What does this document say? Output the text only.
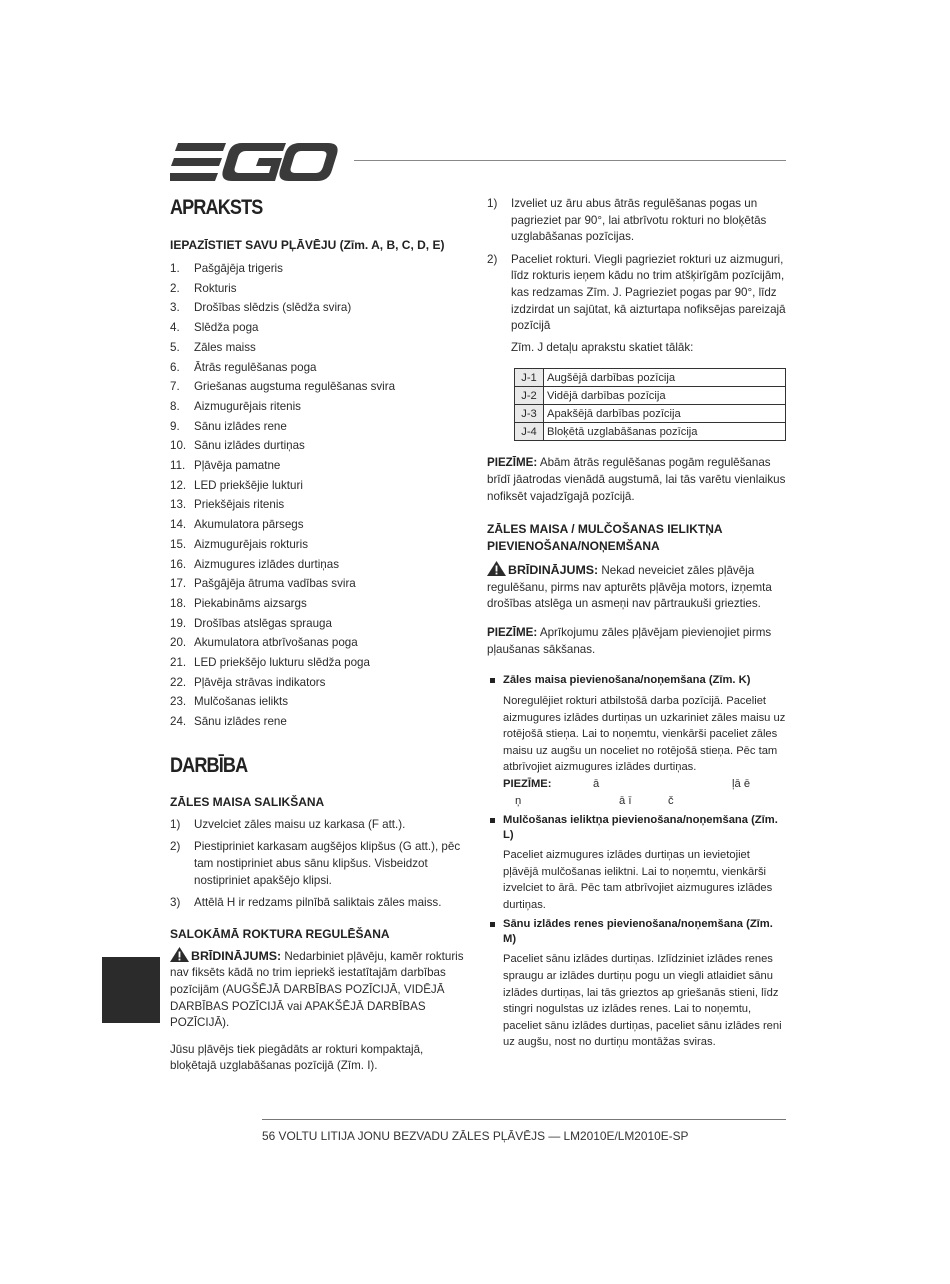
APRAKSTS
IEPAZĪSTIET SAVU PĻĀVĒJU (Zīm. A, B, C, D, E)
1. Pašgājēja trigeris
2. Rokturis
3. Drošības slēdzis (slēdža svira)
4. Slēdža poga
5. Zāles maiss
6. Ātrās regulēšanas poga
7. Griešanas augstuma regulēšanas svira
8. Aizmugurējais ritenis
9. Sānu izlādes rene
10. Sānu izlādes durtiņas
11. Pļāvēja pamatne
12. LED priekšējie lukturi
13. Priekšējais ritenis
14. Akumulatora pārsegs
15. Aizmugurējais rokturis
16. Aizmugures izlādes durtiņas
17. Pašgājēja ātruma vadības svira
18. Piekabināms aizsargs
19. Drošības atslēgas sprauga
20. Akumulatora atbrīvošanas poga
21. LED priekšējo lukturu slēdža poga
22. Pļāvēja strāvas indikators
23. Mulčošanas ielikts
24. Sānu izlādes rene
DARBĪBA
ZĀLES MAISA SALIKŠANA

1) Uzvelciet zāles maisu uz karkasa (F att.).

2) Piestipriniet karkasam augšējos klipšus (G att.), pēc tam nostipriniet abus sānu klipšus. Visbeidzot nostipriniet apakšējo klipsi.

3) Attēlā H ir redzams pilnībā saliktais zāles maiss.

SALOKĀMĀ ROKTURA REGULĒŠANA

BRĪDINĀJUMS: Nedarbiniet pļāvēju, kamēr rokturis nav fiksēts kādā no trim iepriekš iestatītajām darbības pozīcijām (AUGŠĒJĀ DARBĪBAS POZĪCIJĀ, VIDĒJĀ DARBĪBAS POZĪCIJĀ vai APAKŠĒJĀ DARBĪBAS POZĪCIJĀ).

Jūsu pļāvējs tiek piegādāts ar rokturi kompaktajā, bloķētajā uzglabāšanas pozīcijā (Zīm. I).

1) Izveliet uz āru abus ātrās regulēšanas pogas un pagrieziet par 90°, lai atbrīvotu rokturi no bloķētās uzglabāšanas pozīcijas.

2) Paceliet rokturi. Viegli pagrieziet rokturi uz aizmuguri, līdz rokturis ieņem kādu no trim atšķirīgām pozīcijām, kas redzamas Zīm. J. Pagrieziet pogas par 90°, līdz izdzirdat un sajūtat, kā aizturtapa nofiksējas pareizajā pozīcijā

Zīm. J detaļu aprakstu skatiet tālāk:

J-1	Augšējā darbības pozīcija
J-2	Vidējā darbības pozīcija
J-3	Apakšējā darbības pozīcija
J-4	Bloķētā uzglabāšanas pozīcija

PIEZĪME: Abām ātrās regulēšanas pogām regulēšanas brīdī jāatrodas vienādā augstumā, lai tās varētu vienlaikus nofiksēt vajadzīgajā pozīcijā.

ZĀLES MAISA / MULČOŠANAS IELIKTŅA PIEVIENOŠANA/NOŅEMŠANA

BRĪDINĀJUMS: Nekad neveiciet zāles pļāvēja regulēšanu, pirms nav apturēts pļāvēja motors, izņemta drošības atslēga un asmeņi nav pārtraukuši griezties.

PIEZĪME: Aprīkojumu zāles pļāvējam pievienojiet pirms pļaušanas sākšanas.

Zāles maisa pievienošana/noņemšana (Zīm. K)

Noregulējiet rokturi atbilstošā darba pozīcijā. Paceliet aizmugures izlādes durtiņas un uzkariniet zāles maisu uz rotējošā stieņa. Lai to noņemtu, vienkārši paceliet zāles maisu uz augšu un noceliet no rotējošā stieņa. Pēc tam atbrīvojiet aizmugures izlādes durtiņas.

PIEZĪME:	ā	ļā ē
ņ	ā ī	č

Mulčošanas ieliktņa pievienošana/noņemšana (Zīm. L)

Paceliet aizmugures izlādes durtiņas un ievietojiet pļāvējā mulčošanas ieliktni. Lai to noņemtu, vienkārši izvelciet to ārā. Pēc tam atbrīvojiet aizmugures izlādes durtiņas.

Sānu izlādes renes pievienošana/noņemšana (Zīm. M)

Paceliet sānu izlādes durtiņas. Izlīdziniet izlādes renes spraugu ar izlādes durtiņu pogu un viegli atlaidiet sānu izlādes durtiņas, lai tās grieztos ap griešanās stieni, līdz stingri nogulstas uz izlādes renes. Lai to noņemtu, paceliet sānu izlādes durtiņas, paceliet sānu izlādes reni uz augšu, nost no durtiņu montāžas sviras.

56 VOLTU LITIJA JONU BEZVADU ZĀLES PĻĀVĒJS — LM2010E/LM2010E-SP
